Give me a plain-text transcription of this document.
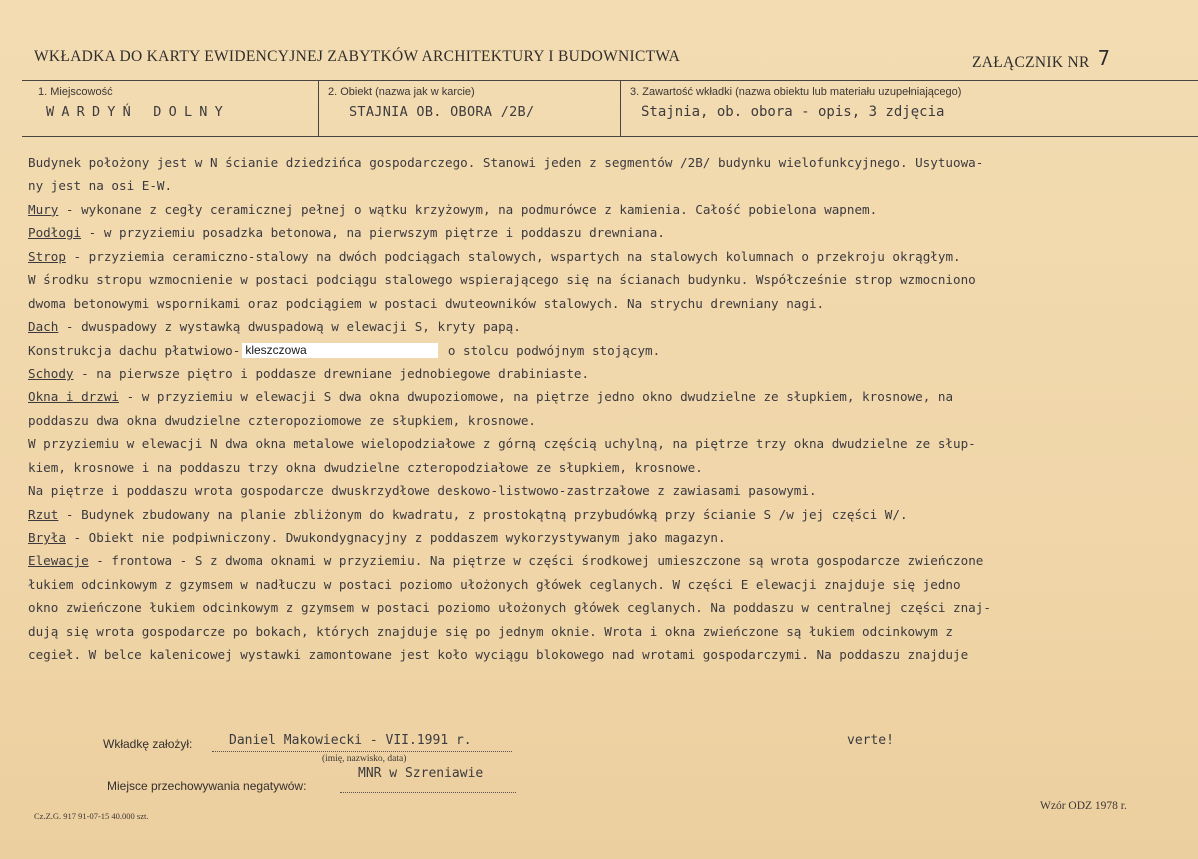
WKŁADKA DO KARTY EWIDENCYJNEJ ZABYTKÓW ARCHITEKTURY I BUDOWNICTWA	ZAŁĄCZNIK NR 7
1. Miejscowość
WARDYŃ DOLNY
2. Obiekt (nazwa jak w karcie)
STAJNIA OB. OBORA /2B/
3. Zawartość wkładki (nazwa obiektu lub materiału uzupełniającego)
Stajnia, ob. obora - opis, 3 zdjęcia
Budynek położony jest w N ścianie dziedzińca gospodarczego. Stanowi jeden z segmentów /2B/ budynku wielofunkcyjnego. Usytuowa-
ny jest na osi E-W.
Mury - wykonane z cegły ceramicznej pełnej o wątku krzyżowym, na podmurówce z kamienia. Całość pobielona wapnem.
Podłogi - w przyziemiu posadzka betonowa, na pierwszym piętrze i poddaszu drewniana.
Strop - przyziemia ceramiczno-stalowy na dwóch podciągach stalowych, wspartych na stalowych kolumnach o przekroju okrągłym.
W środku stropu wzmocnienie w postaci podciągu stalowego wspierającego się na ścianach budynku. Współcześnie strop wzmocniono
dwoma betonowymi wspornikami oraz podciągiem w postaci dwuteowników stalowych. Na strychu drewniany nagi.
Dach - dwuspadowy z wystawką dwuspadową w elewacji S, kryty papą.
Konstrukcja dachu płatwiowo- kleszczowa	o stolcu podwójnym stojącym.
Schody - na pierwsze piętro i poddasze drewniane jednobiegowe drabiniaste.
Okna i drzwi - w przyziemiu w elewacji S dwa okna dwupoziomowe, na piętrze jedno okno dwudzielne ze słupkiem, krosnowe, na
poddaszu dwa okna dwudzielne czteropoziomowe ze słupkiem, krosnowe.
W przyziemiu w elewacji N dwa okna metalowe wielopodziałowe z górną częścią uchylną, na piętrze trzy okna dwudzielne ze słup-
kiem, krosnowe i na poddaszu trzy okna dwudzielne czteropodziałowe ze słupkiem, krosnowe.
Na piętrze i poddaszu wrota gospodarcze dwuskrzydłowe deskowo-listwowo-zastrzałowe z zawiasami pasowymi.
Rzut - Budynek zbudowany na planie zbliżonym do kwadratu, z prostokątną przybudówką przy ścianie S /w jej części W/.
Bryła - Obiekt nie podpiwniczony. Dwukondygnacyjny z poddaszem wykorzystywanym jako magazyn.
Elewacje - frontowa - S z dwoma oknami w przyziemiu. Na piętrze w części środkowej umieszczone są wrota gospodarcze zwieńczone
łukiem odcinkowym z gzymsem w nadłuczu w postaci poziomo ułożonych główek ceglanych. W części E elewacji znajduje się jedno
okno zwieńczone łukiem odcinkowym z gzymsem w postaci poziomo ułożonych główek ceglanych. Na poddaszu w centralnej części znaj-
dują się wrota gospodarcze po bokach, których znajduje się po jednym oknie. Wrota i okna zwieńczone są łukiem odcinkowym z
cegieł. W belce kalenicowej wystawki zamontowane jest koło wyciągu blokowego nad wrotami gospodarczymi. Na poddaszu znajduje
Wkładkę założył:	Daniel Makowiecki - VII.1991 r.
(imię, nazwisko, data)
verte!
Miejsce przechowywania negatywów:
MNR w Szreniawie
Wzór ODZ 1978 r.
Cz.Z.G. 917 91-07-15 40.000 szt.
